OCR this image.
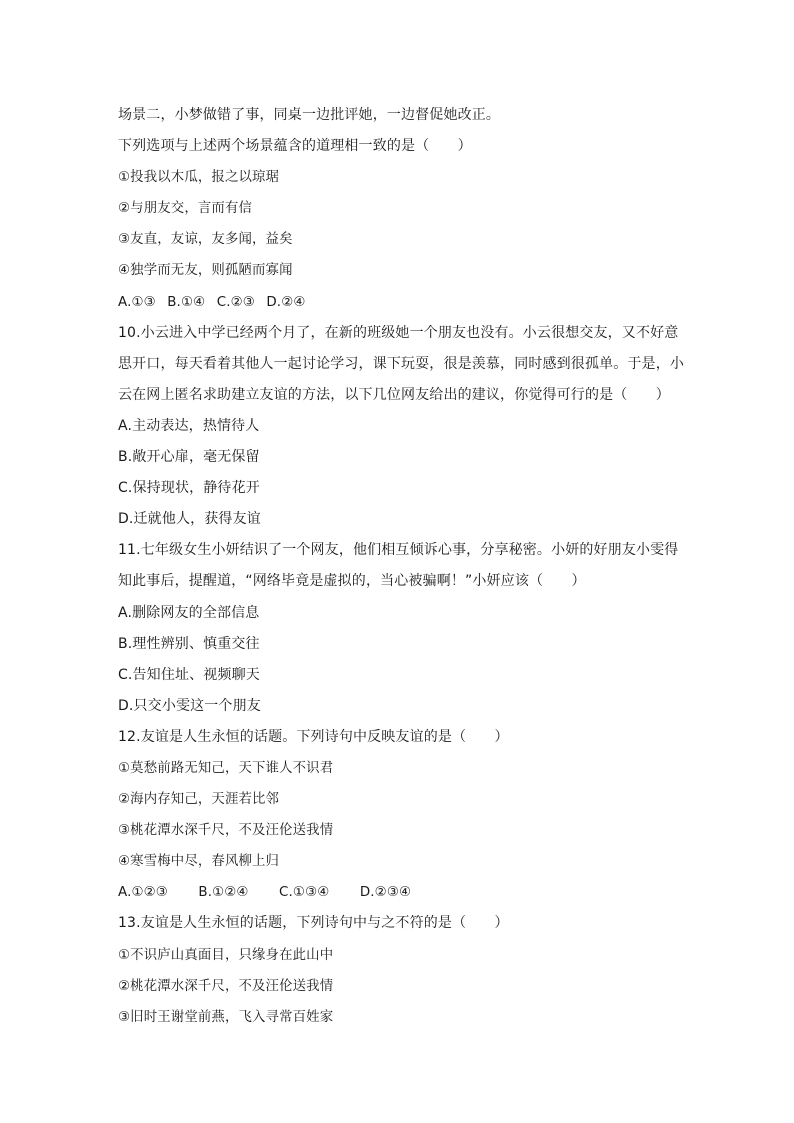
场景二，小梦做错了事，同桌一边批评她，一边督促她改正。
下列选项与上述两个场景蕴含的道理相一致的是（　　）
①投我以木瓜，报之以琼琚
②与朋友交，言而有信
③友直，友谅，友多闻，益矣
④独学而无友，则孤陋而寡闻
A.①③ B.①④ C.②③ D.②④
10.小云进入中学已经两个月了，在新的班级她一个朋友也没有。小云很想交友，又不好意
思开口，每天看着其他人一起讨论学习，课下玩耍，很是羡慕，同时感到很孤单。于是，小
云在网上匿名求助建立友谊的方法，以下几位网友给出的建议，你觉得可行的是（　　）
A.主动表达，热情待人
B.敞开心扉，毫无保留
C.保持现状，静待花开
D.迁就他人，获得友谊
11.七年级女生小妍结识了一个网友，他们相互倾诉心事，分享秘密。小妍的好朋友小雯得
知此事后，提醒道，“网络毕竟是虚拟的，当心被骗啊！”小妍应该（　　）
A.删除网友的全部信息
B.理性辨别、慎重交往
C.告知住址、视频聊天
D.只交小雯这一个朋友
12.友谊是人生永恒的话题。下列诗句中反映友谊的是（　　）
①莫愁前路无知己，天下谁人不识君
②海内存知己，天涯若比邻
③桃花潭水深千尺，不及汪伦送我情
④寒雪梅中尽，春风柳上归
A.①②③ B.①②④ C.①③④ D.②③④
13.友谊是人生永恒的话题，下列诗句中与之不符的是（　　）
①不识庐山真面目，只缘身在此山中
②桃花潭水深千尺，不及汪伦送我情
③旧时王谢堂前燕，飞入寻常百姓家
